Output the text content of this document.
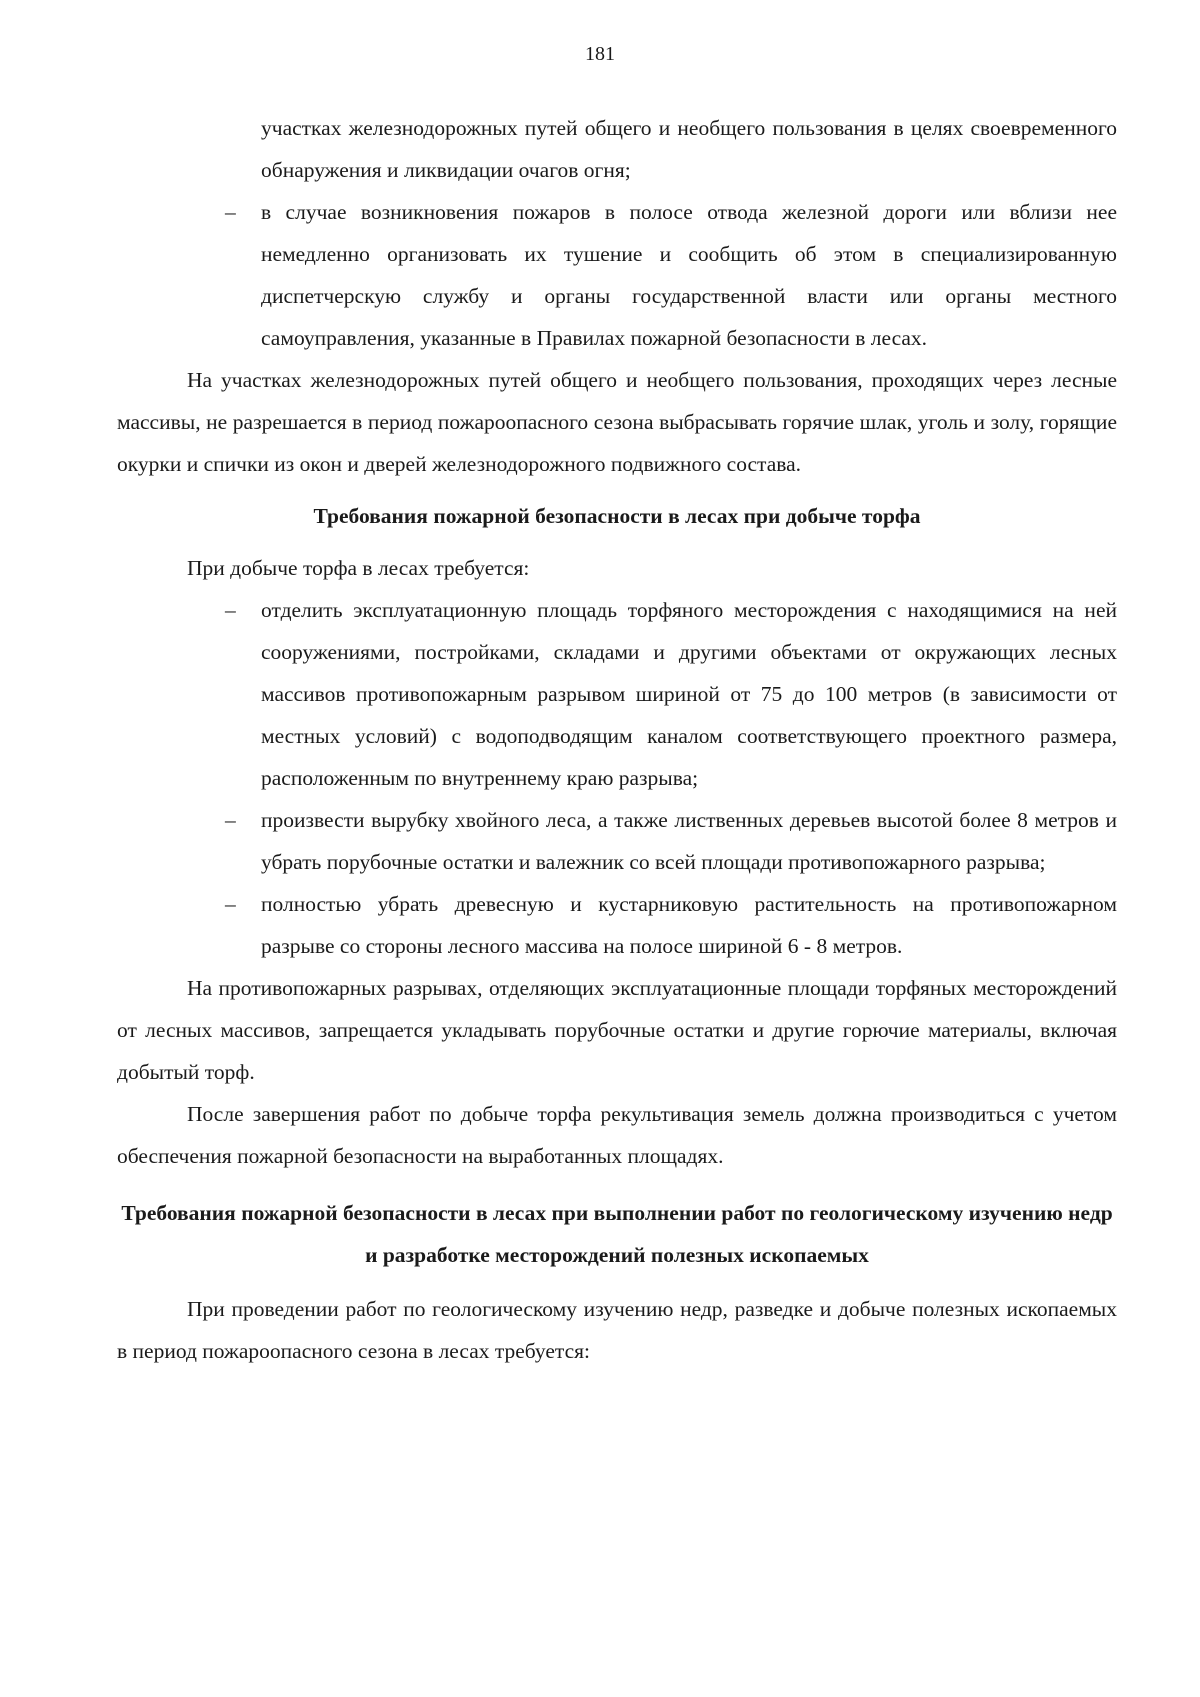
181

участках железнодорожных путей общего и необщего пользования в целях своевременного обнаружения и ликвидации очагов огня;

– в случае возникновения пожаров в полосе отвода железной дороги или вблизи нее немедленно организовать их тушение и сообщить об этом в специализированную диспетчерскую службу и органы государственной власти или органы местного самоуправления, указанные в Правилах пожарной безопасности в лесах.

На участках железнодорожных путей общего и необщего пользования, проходящих через лесные массивы, не разрешается в период пожароопасного сезона выбрасывать горячие шлак, уголь и золу, горящие окурки и спички из окон и дверей железнодорожного подвижного состава.

Требования пожарной безопасности в лесах при добыче торфа

При добыче торфа в лесах требуется:

– отделить эксплуатационную площадь торфяного месторождения с находящимися на ней сооружениями, постройками, складами и другими объектами от окружающих лесных массивов противопожарным разрывом шириной от 75 до 100 метров (в зависимости от местных условий) с водоподводящим каналом соответствующего проектного размера, расположенным по внутреннему краю разрыва;

– произвести вырубку хвойного леса, а также лиственных деревьев высотой более 8 метров и убрать порубочные остатки и валежник со всей площади противопожарного разрыва;

– полностью убрать древесную и кустарниковую растительность на противопожарном разрыве со стороны лесного массива на полосе шириной 6 - 8 метров.

На противопожарных разрывах, отделяющих эксплуатационные площади торфяных месторождений от лесных массивов, запрещается укладывать порубочные остатки и другие горючие материалы, включая добытый торф.

После завершения работ по добыче торфа рекультивация земель должна производиться с учетом обеспечения пожарной безопасности на выработанных площадях.

Требования пожарной безопасности в лесах при выполнении работ по геологическому изучению недр и разработке месторождений полезных ископаемых

При проведении работ по геологическому изучению недр, разведке и добыче полезных ископаемых в период пожароопасного сезона в лесах требуется:
